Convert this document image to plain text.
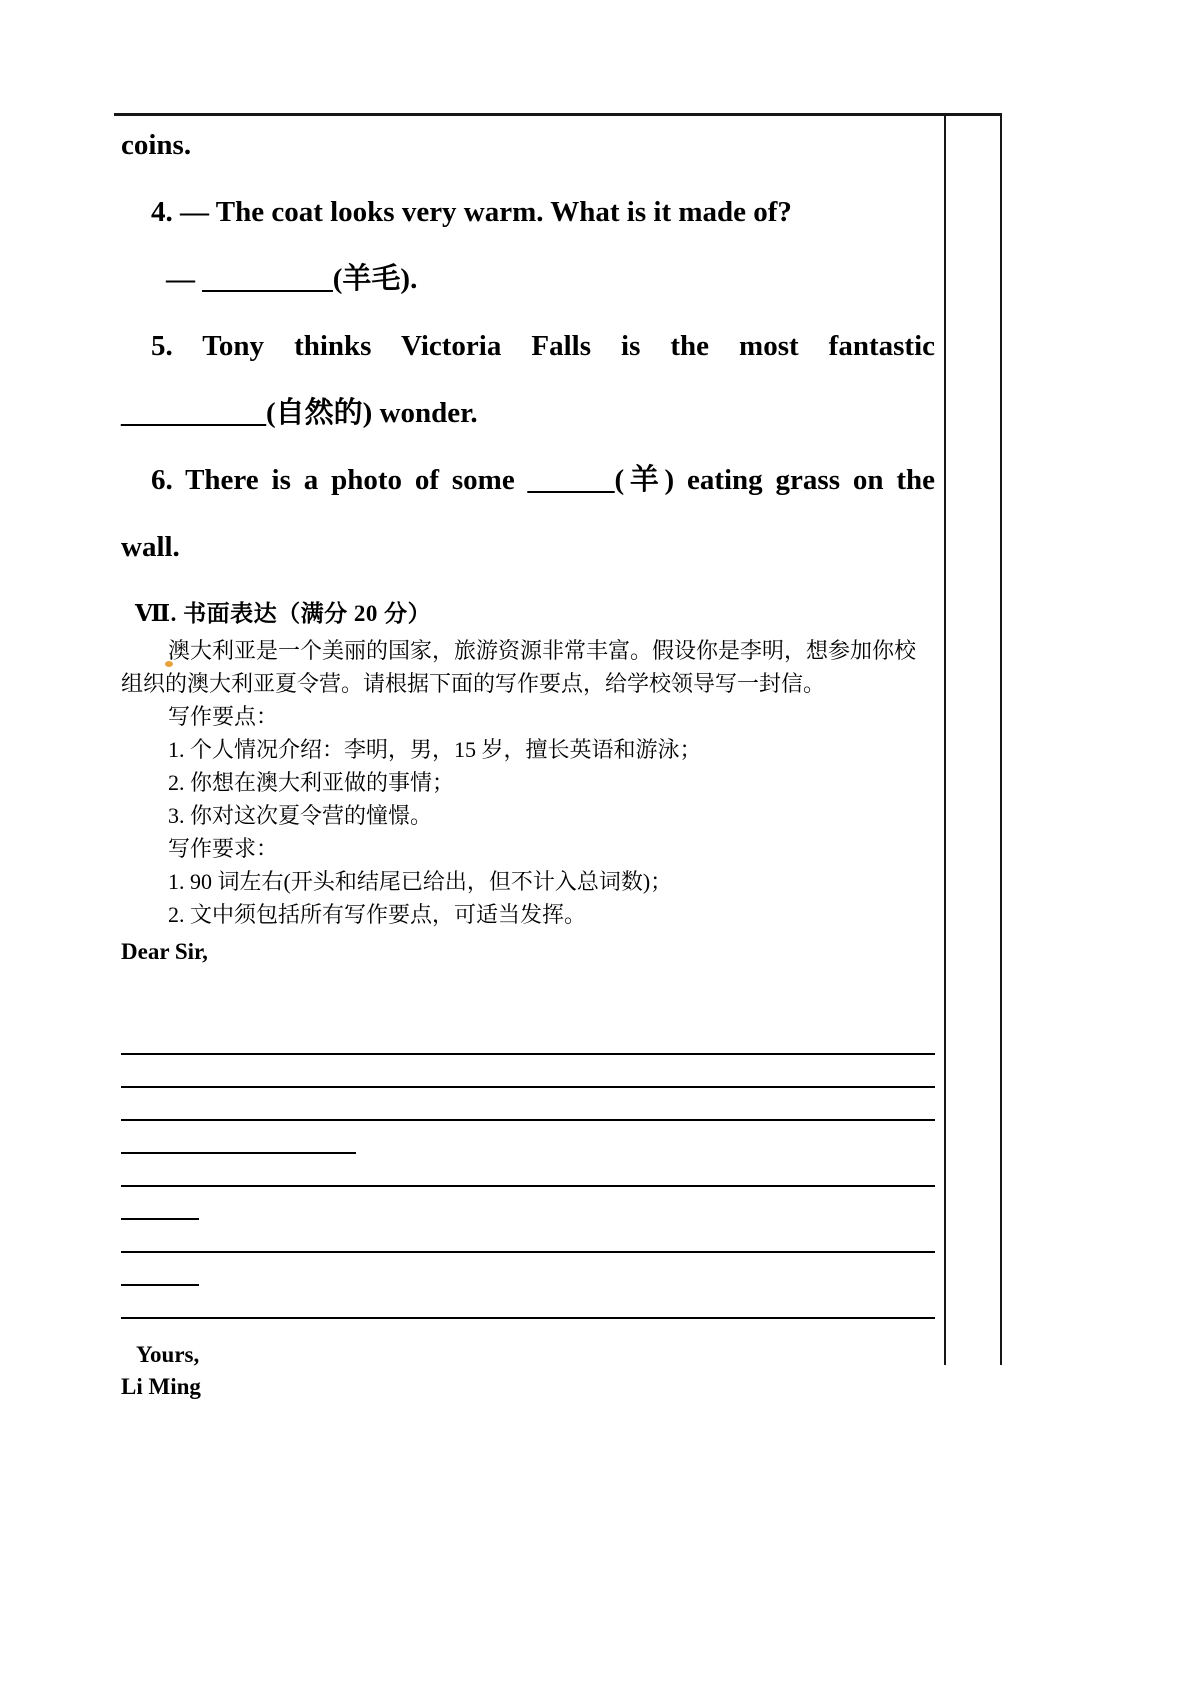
coins.
4. — The coat looks very warm. What is it made of?
— _________(羊毛).
5. Tony thinks Victoria Falls is the most fantastic
__________(自然的) wonder.
6. There is a photo of some ______(羊) eating grass on the
wall.
Ⅶ. 书面表达（满分 20 分）
澳大利亚是一个美丽的国家，旅游资源非常丰富。假设你是李明，想参加你校
组织的澳大利亚夏令营。请根据下面的写作要点，给学校领导写一封信。
写作要点：
1. 个人情况介绍：李明，男，15 岁，擅长英语和游泳；
2. 你想在澳大利亚做的事情；
3. 你对这次夏令营的憧憬。
写作要求：
1. 90 词左右(开头和结尾已给出，但不计入总词数)；
2. 文中须包括所有写作要点，可适当发挥。
Dear Sir,
Yours,
Li Ming
